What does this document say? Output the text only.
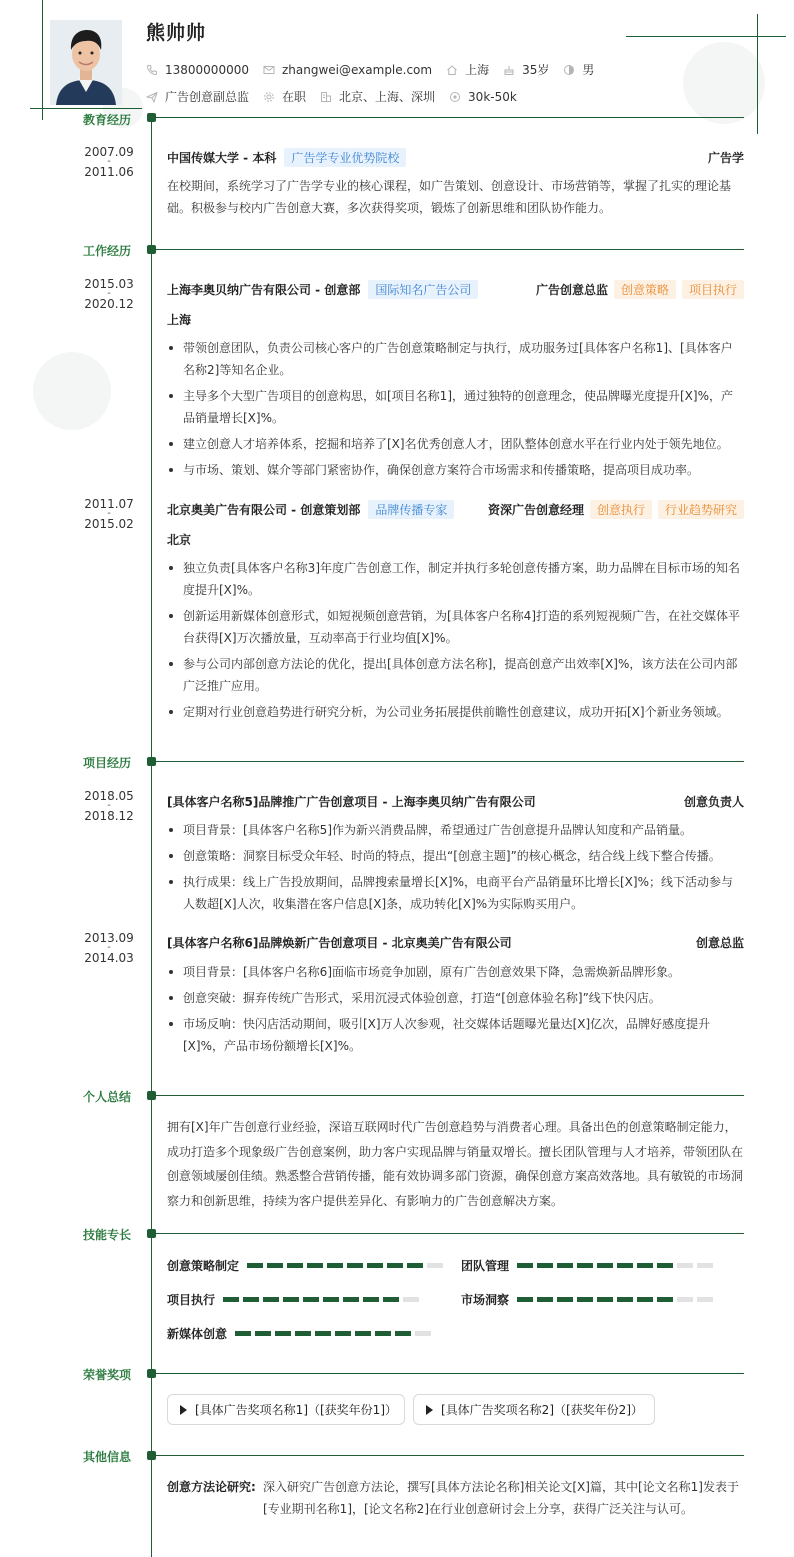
熊帅帅
13800000000	zhangwei@example.com	上海	35岁	男
广告创意副总监	在职	北京、上海、深圳	30k-50k
教育经历
2007.09
-
2011.06
中国传媒大学 - 本科	广告学专业优势院校	广告学
在校期间，系统学习了广告学专业的核心课程，如广告策划、创意设计、市场营销等，掌握了扎实的理论基础。积极参与校内广告创意大赛，多次获得奖项，锻炼了创新思维和团队协作能力。
工作经历
2015.03
-
2020.12
上海李奥贝纳广告有限公司 - 创意部	国际知名广告公司	广告创意总监	创意策略	项目执行
上海
带领创意团队，负责公司核心客户的广告创意策略制定与执行，成功服务过[具体客户名称1]、[具体客户名称2]等知名企业。
主导多个大型广告项目的创意构思，如[项目名称1]，通过独特的创意理念，使品牌曝光度提升[X]%，产品销量增长[X]%。
建立创意人才培养体系，挖掘和培养了[X]名优秀创意人才，团队整体创意水平在行业内处于领先地位。
与市场、策划、媒介等部门紧密协作，确保创意方案符合市场需求和传播策略，提高项目成功率。
2011.07
-
2015.02
北京奥美广告有限公司 - 创意策划部	品牌传播专家	资深广告创意经理	创意执行	行业趋势研究
北京
独立负责[具体客户名称3]年度广告创意工作，制定并执行多轮创意传播方案，助力品牌在目标市场的知名度提升[X]%。
创新运用新媒体创意形式，如短视频创意营销，为[具体客户名称4]打造的系列短视频广告，在社交媒体平台获得[X]万次播放量，互动率高于行业均值[X]%。
参与公司内部创意方法论的优化，提出[具体创意方法名称]，提高创意产出效率[X]%，该方法在公司内部广泛推广应用。
定期对行业创意趋势进行研究分析，为公司业务拓展提供前瞻性创意建议，成功开拓[X]个新业务领域。
项目经历
2018.05
-
2018.12
[具体客户名称5]品牌推广广告创意项目 - 上海李奥贝纳广告有限公司	创意负责人
项目背景：[具体客户名称5]作为新兴消费品牌，希望通过广告创意提升品牌认知度和产品销量。
创意策略：洞察目标受众年轻、时尚的特点，提出“[创意主题]”的核心概念，结合线上线下整合传播。
执行成果：线上广告投放期间，品牌搜索量增长[X]%，电商平台产品销量环比增长[X]%；线下活动参与人数超[X]人次，收集潜在客户信息[X]条，成功转化[X]%为实际购买用户。
2013.09
-
2014.03
[具体客户名称6]品牌焕新广告创意项目 - 北京奥美广告有限公司	创意总监
项目背景：[具体客户名称6]面临市场竞争加剧，原有广告创意效果下降，急需焕新品牌形象。
创意突破：摒弃传统广告形式，采用沉浸式体验创意，打造“[创意体验名称]”线下快闪店。
市场反响：快闪店活动期间，吸引[X]万人次参观，社交媒体话题曝光量达[X]亿次，品牌好感度提升[X]%，产品市场份额增长[X]%。
个人总结
拥有[X]年广告创意行业经验，深谙互联网时代广告创意趋势与消费者心理。具备出色的创意策略制定能力，成功打造多个现象级广告创意案例，助力客户实现品牌与销量双增长。擅长团队管理与人才培养，带领团队在创意领域屡创佳绩。熟悉整合营销传播，能有效协调多部门资源，确保创意方案高效落地。具有敏锐的市场洞察力和创新思维，持续为客户提供差异化、有影响力的广告创意解决方案。
技能专长
创意策略制定	团队管理
项目执行	市场洞察
新媒体创意
荣誉奖项
[具体广告奖项名称1]（[获奖年份1]）	[具体广告奖项名称2]（[获奖年份2]）
其他信息
创意方法论研究: 深入研究广告创意方法论，撰写[具体方法论名称]相关论文[X]篇，其中[论文名称1]发表于[专业期刊名称1]，[论文名称2]在行业创意研讨会上分享，获得广泛关注与认可。
